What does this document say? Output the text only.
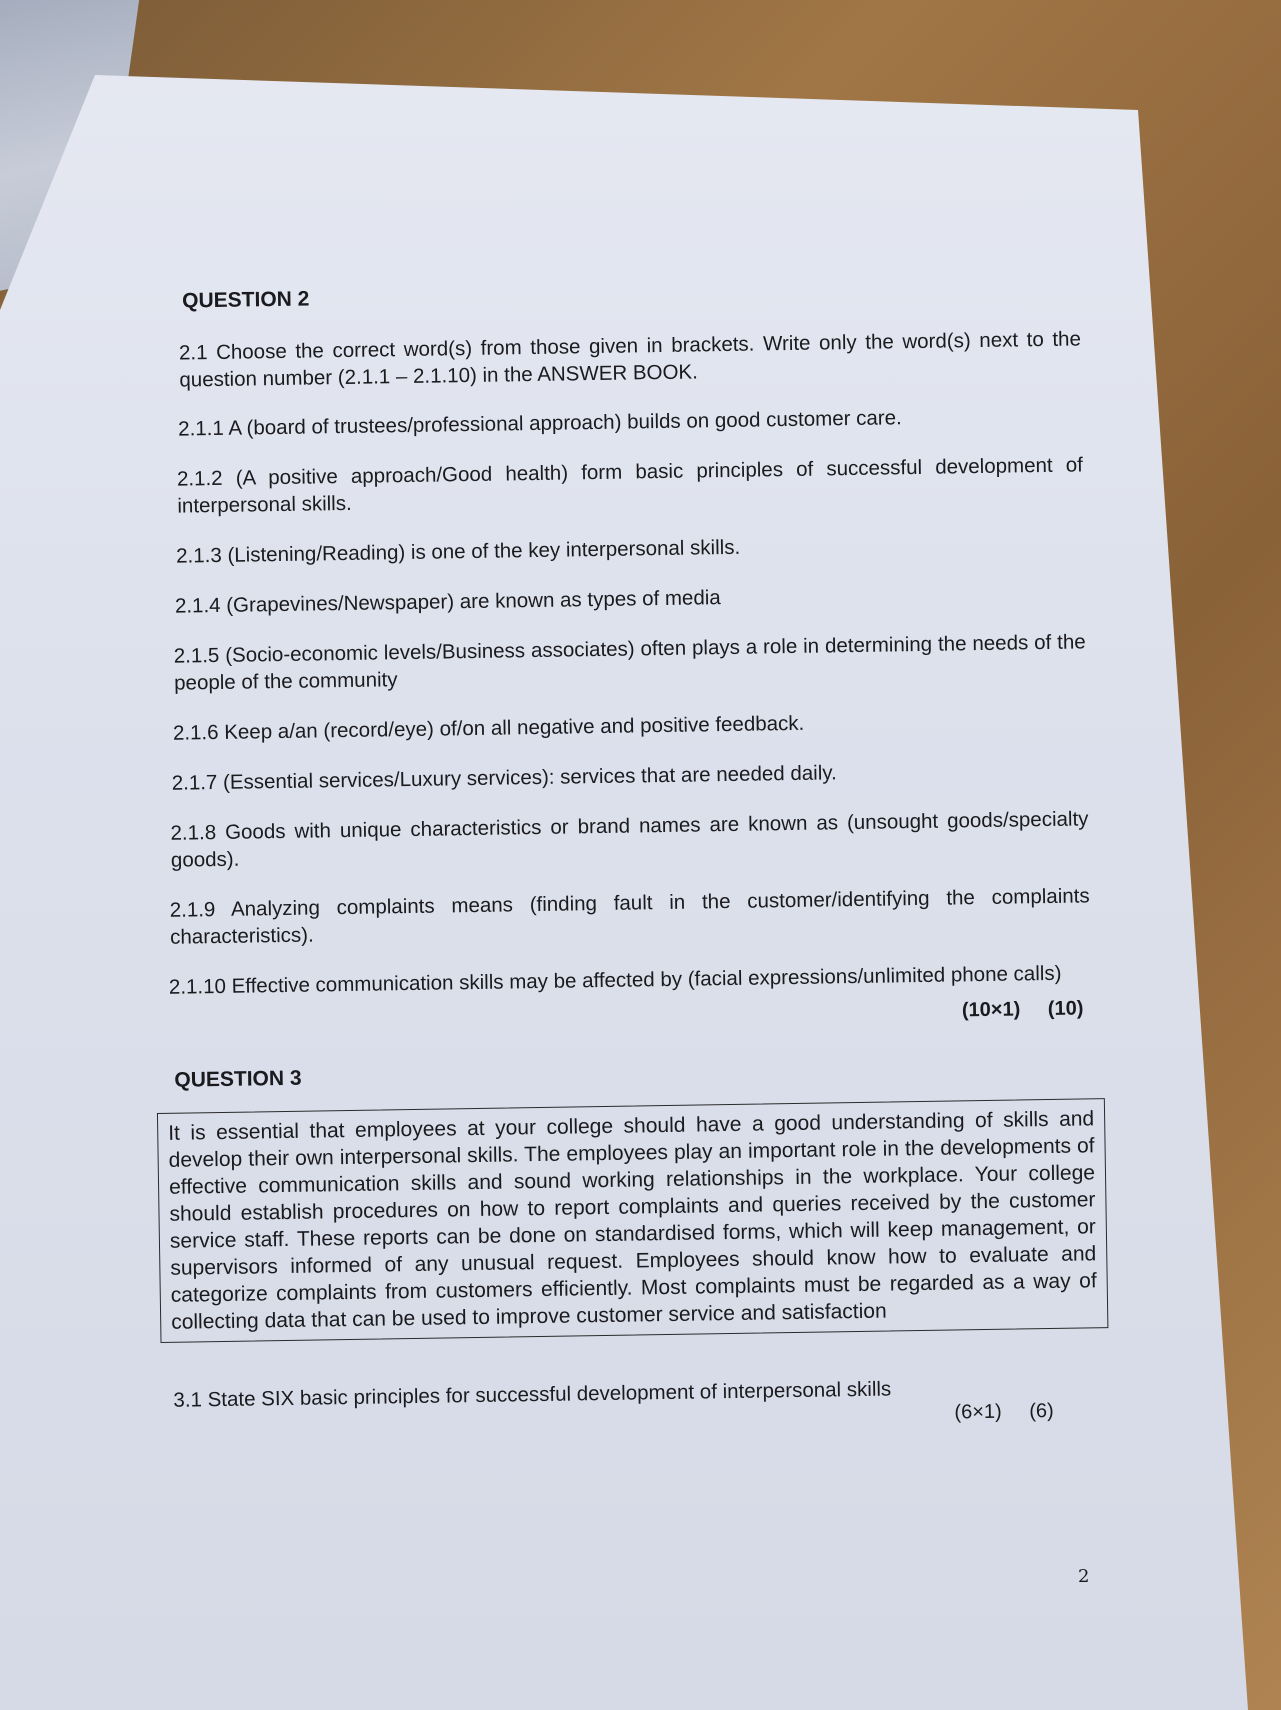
QUESTION 2

2.1 Choose the correct word(s) from those given in brackets. Write only the word(s) next to the question number (2.1.1 – 2.1.10) in the ANSWER BOOK.

2.1.1 A (board of trustees/professional approach) builds on good customer care.

2.1.2 (A positive approach/Good health) form basic principles of successful development of interpersonal skills.

2.1.3 (Listening/Reading) is one of the key interpersonal skills.

2.1.4 (Grapevines/Newspaper) are known as types of media

2.1.5 (Socio-economic levels/Business associates) often plays a role in determining the needs of the people of the community

2.1.6 Keep a/an (record/eye) of/on all negative and positive feedback.

2.1.7 (Essential services/Luxury services): services that are needed daily.

2.1.8 Goods with unique characteristics or brand names are known as (unsought goods/specialty goods).

2.1.9 Analyzing complaints means (finding fault in the customer/identifying the complaints characteristics).

2.1.10 Effective communication skills may be affected by (facial expressions/unlimited phone calls)

(10×1) (10)
QUESTION 3
It is essential that employees at your college should have a good understanding of skills and develop their own interpersonal skills. The employees play an important role in the developments of effective communication skills and sound working relationships in the workplace. Your college should establish procedures on how to report complaints and queries received by the customer service staff. These reports can be done on standardised forms, which will keep management, or supervisors informed of any unusual request. Employees should know how to evaluate and categorize complaints from customers efficiently. Most complaints must be regarded as a way of collecting data that can be used to improve customer service and satisfaction

3.1 State SIX basic principles for successful development of interpersonal skills

(6×1) (6)
2
